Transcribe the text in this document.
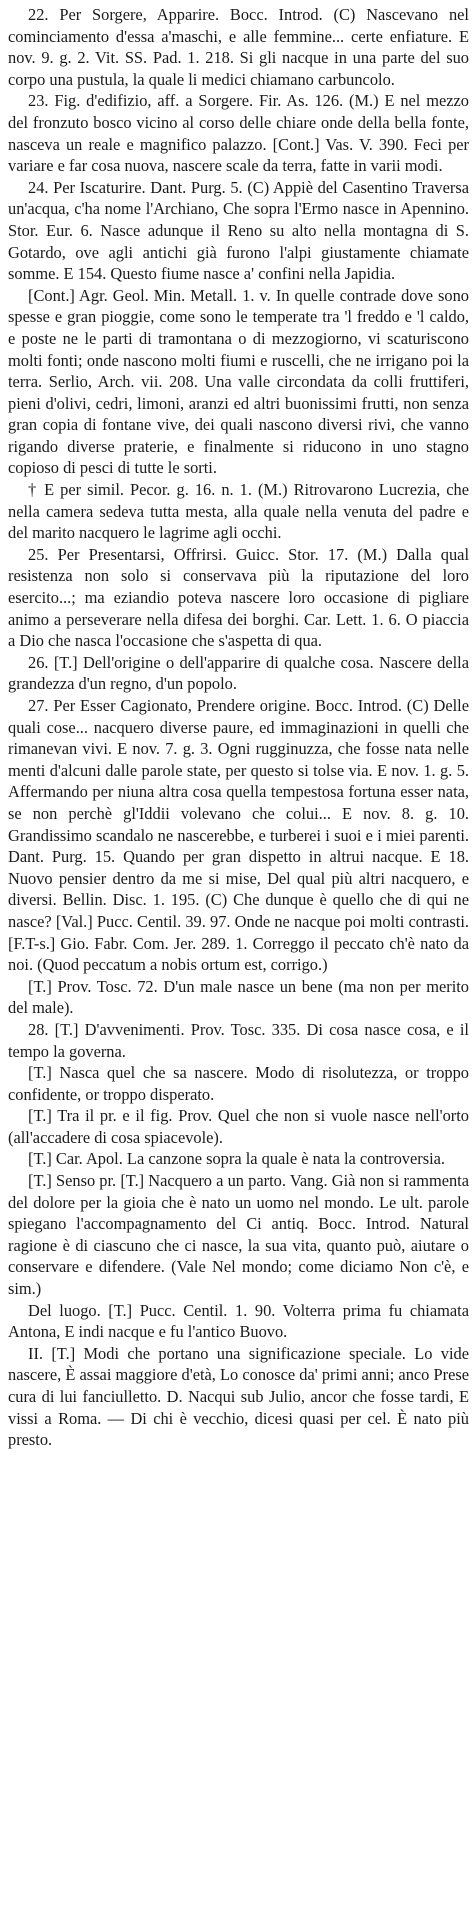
22. Per Sorgere, Apparire. Bocc. Introd. (C) Nascevano nel cominciamento d'essa a'maschi, e alle femmine... certe enfiature. E nov. 9. g. 2. Vit. SS. Pad. 1. 218. Si gli nacque in una parte del suo corpo una pustula, la quale li medici chiamano carbuncolo.

23. Fig. d'edifizio, aff. a Sorgere. Fir. As. 126. (M.) E nel mezzo del fronzuto bosco vicino al corso delle chiare onde della bella fonte, nasceva un reale e magnifico palazzo. [Cont.] Vas. V. 390. Feci per variare e far cosa nuova, nascere scale da terra, fatte in varii modi.

24. Per Iscaturire. Dant. Purg. 5. (C) Appiè del Casentino Traversa un'acqua, c'ha nome l'Archiano, Che sopra l'Ermo nasce in Apennino. Stor. Eur. 6. Nasce adunque il Reno su alto nella montagna di S. Gotardo, ove agli antichi già furono l'alpi giustamente chiamate somme. E 154. Questo fiume nasce a' confini nella Japidia.

[Cont.] Agr. Geol. Min. Metall. 1. v. In quelle contrade dove sono spesse e gran pioggie, come sono le temperate tra 'l freddo e 'l caldo, e poste ne le parti di tramontana o di mezzogiorno, vi scaturiscono molti fonti; onde nascono molti fiumi e ruscelli, che ne irrigano poi la terra. Serlio, Arch. vii. 208. Una valle circondata da colli fruttiferi, pieni d'olivi, cedri, limoni, aranzi ed altri buonissimi frutti, non senza gran copia di fontane vive, dei quali nascono diversi rivi, che vanno rigando diverse praterie, e finalmente si riducono in uno stagno copioso di pesci di tutte le sorti.

† E per simil. Pecor. g. 16. n. 1. (M.) Ritrovarono Lucrezia, che nella camera sedeva tutta mesta, alla quale nella venuta del padre e del marito nacquero le lagrime agli occhi.

25. Per Presentarsi, Offrirsi. Guicc. Stor. 17. (M.) Dalla qual resistenza non solo si conservava più la riputazione del loro esercito...; ma eziandio poteva nascere loro occasione di pigliare animo a perseverare nella difesa dei borghi. Car. Lett. 1. 6. O piaccia a Dio che nasca l'occasione che s'aspetta di qua.

26. [T.] Dell'origine o dell'apparire di qualche cosa. Nascere della grandezza d'un regno, d'un popolo.

27. Per Esser Cagionato, Prendere origine. Bocc. Introd. (C) Delle quali cose... nacquero diverse paure, ed immaginazioni in quelli che rimanevan vivi. E nov. 7. g. 3. Ogni rugginuzza, che fosse nata nelle menti d'alcuni dalle parole state, per questo si tolse via. E nov. 1. g. 5. Affermando per niuna altra cosa quella tempestosa fortuna esser nata, se non perchè gl'Iddii volevano che colui... E nov. 8. g. 10. Grandissimo scandalo ne nascerebbe, e turberei i suoi e i miei parenti. Dant. Purg. 15. Quando per gran dispetto in altrui nacque. E 18. Nuovo pensier dentro da me si mise, Del qual più altri nacquero, e diversi. Bellin. Disc. 1. 195. (C) Che dunque è quello che di qui ne nasce? [Val.] Pucc. Centil. 39. 97. Onde ne nacque poi molti contrasti. [F.T-s.] Gio. Fabr. Com. Jer. 289. 1. Correggo il peccato ch'è nato da noi. (Quod peccatum a nobis ortum est, corrigo.)

[T.] Prov. Tosc. 72. D'un male nasce un bene (ma non per merito del male).

28. [T.] D'avvenimenti. Prov. Tosc. 335. Di cosa nasce cosa, e il tempo la governa.

[T.] Nasca quel che sa nascere. Modo di risolutezza, or troppo confidente, or troppo disperato.

[T.] Tra il pr. e il fig. Prov. Quel che non si vuole nasce nell'orto (all'accadere di cosa spiacevole).

[T.] Car. Apol. La canzone sopra la quale è nata la controversia.

[T.] Senso pr. [T.] Nacquero a un parto. Vang. Già non si rammenta del dolore per la gioia che è nato un uomo nel mondo. Le ult. parole spiegano l'accompagnamento del Ci antiq. Bocc. Introd. Natural ragione è di ciascuno che ci nasce, la sua vita, quanto può, aiutare o conservare e difendere. (Vale Nel mondo; come diciamo Non c'è, e sim.)

Del luogo. [T.] Pucc. Centil. 1. 90. Volterra prima fu chiamata Antona, E indi nacque e fu l'antico Buovo.

II. [T.] Modi che portano una significazione speciale. Lo vide nascere, È assai maggiore d'età, Lo conosce da' primi anni; anco Prese cura di lui fanciulletto. D. Nacqui sub Julio, ancor che fosse tardi, E vissi a Roma. — Di chi è vecchio, dicesi quasi per cel. È nato più presto.
